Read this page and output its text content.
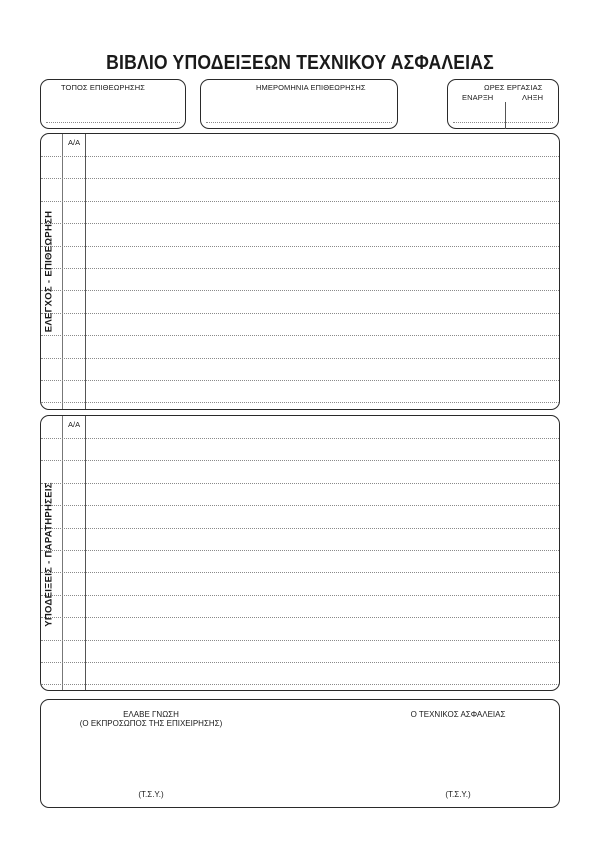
ΒΙΒΛΙΟ ΥΠΟΔΕΙΞΕΩΝ ΤΕΧΝΙΚΟΥ ΑΣΦΑΛΕΙΑΣ
ΤΟΠΟΣ ΕΠΙΘΕΩΡΗΣΗΣ	ΗΜΕΡΟΜΗΝΙΑ ΕΠΙΘΕΩΡΗΣΗΣ	ΩΡΕΣ ΕΡΓΑΣΙΑΣ
ΕΝΑΡΞΗ	ΛΗΞΗ
Α/Α
ΕΛΕΓΧΟΣ - ΕΠΙΘΕΩΡΗΣΗ
Α/Α
ΥΠΟΔΕΙΞΕΙΣ - ΠΑΡΑΤΗΡΗΣΕΙΣ
ΕΛΑΒΕ ΓΝΩΣΗ
(Ο ΕΚΠΡΟΣΩΠΟΣ ΤΗΣ ΕΠΙΧΕΙΡΗΣΗΣ)
(Τ.Σ.Υ.)
Ο ΤΕΧΝΙΚΟΣ ΑΣΦΑΛΕΙΑΣ
(Τ.Σ.Υ.)
